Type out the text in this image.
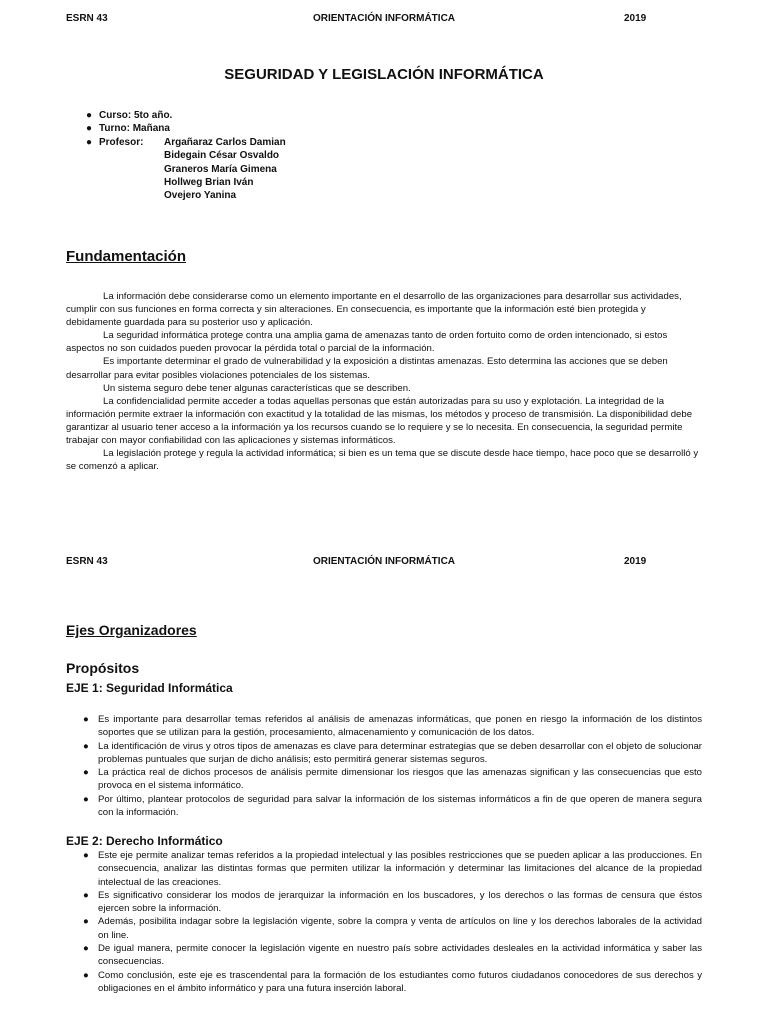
ESRN 43	ORIENTACIÓN INFORMÁTICA	2019
SEGURIDAD Y LEGISLACIÓN INFORMÁTICA
● Curso: 5to año.
● Turno: Mañana
● Profesor: Argañaraz Carlos Damian
Bidegain César Osvaldo
Graneros María Gimena
Hollweg Brian Iván
Ovejero Yanina
Fundamentación

La información debe considerarse como un elemento importante en el desarrollo de las organizaciones para desarrollar sus actividades, cumplir con sus funciones en forma correcta y sin alteraciones. En consecuencia, es importante que la información esté bien protegida y debidamente guardada para su posterior uso y aplicación.

La seguridad informática protege contra una amplia gama de amenazas tanto de orden fortuito como de orden intencionado, si estos aspectos no son cuidados pueden provocar la pérdida total o parcial de la información.

Es importante determinar el grado de vulnerabilidad y la exposición a distintas amenazas. Esto determina las acciones que se deben desarrollar para evitar posibles violaciones potenciales de los sistemas.

Un sistema seguro debe tener algunas características que se describen.

La confidencialidad permite acceder a todas aquellas personas que están autorizadas para su uso y explotación. La integridad de la información permite extraer la información con exactitud y la totalidad de las mismas, los métodos y proceso de transmisión. La disponibilidad debe garantizar al usuario tener acceso a la información ya los recursos cuando se lo requiere y se lo necesita. En consecuencia, la seguridad permite trabajar con mayor confiabilidad con las aplicaciones y sistemas informáticos.

La legislación protege y regula la actividad informática; si bien es un tema que se discute desde hace tiempo, hace poco que se desarrolló y se comenzó a aplicar.

ESRN 43	ORIENTACIÓN INFORMÁTICA	2019
Ejes Organizadores
Propósitos
EJE 1: Seguridad Informática
● Es importante para desarrollar temas referidos al análisis de amenazas informáticas, que ponen en riesgo la información de los distintos soportes que se utilizan para la gestión, procesamiento, almacenamiento y comunicación de los datos.
● La identificación de virus y otros tipos de amenazas es clave para determinar estrategias que se deben desarrollar con el objeto de solucionar problemas puntuales que surjan de dicho análisis; esto permitirá generar sistemas seguros.
● La práctica real de dichos procesos de análisis permite dimensionar los riesgos que las amenazas significan y las consecuencias que esto provoca en el sistema informático.
● Por último, plantear protocolos de seguridad para salvar la información de los sistemas informáticos a fin de que operen de manera segura con la información.
EJE 2: Derecho Informático
● Este eje permite analizar temas referidos a la propiedad intelectual y las posibles restricciones que se pueden aplicar a las producciones. En consecuencia, analizar las distintas formas que permiten utilizar la información y determinar las limitaciones del alcance de la propiedad intelectual de las creaciones.
● Es significativo considerar los modos de jerarquizar la información en los buscadores, y los derechos o las formas de censura que éstos ejercen sobre la información.
● Además, posibilita indagar sobre la legislación vigente, sobre la compra y venta de artículos on line y los derechos laborales de la actividad on line.
● De igual manera, permite conocer la legislación vigente en nuestro país sobre actividades desleales en la actividad informática y saber las consecuencias.
● Como conclusión, este eje es trascendental para la formación de los estudiantes como futuros ciudadanos conocedores de sus derechos y obligaciones en el ámbito informático y para una futura inserción laboral.
